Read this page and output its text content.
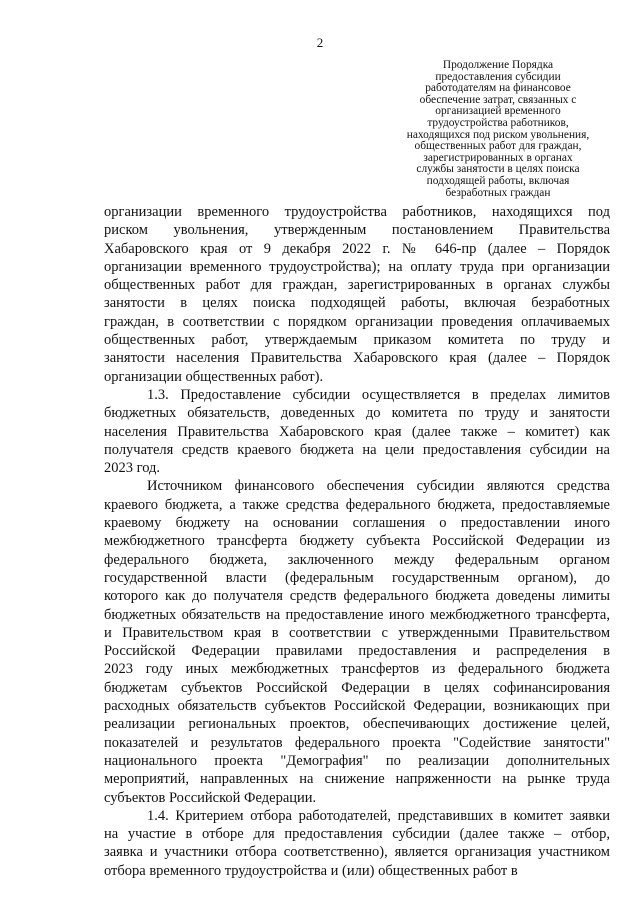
2
Продолжение Порядка
предоставления субсидии
работодателям на финансовое
обеспечение затрат, связанных с
организацией временного
трудоустройства работников,
находящихся под риском увольнения,
общественных работ для граждан,
зарегистрированных в органах
службы занятости в целях поиска
подходящей работы, включая
безработных граждан
организации временного трудоустройства работников, находящихся под
риском увольнения, утвержденным постановлением Правительства
Хабаровского края от 9 декабря 2022 г. № 646-пр (далее – Порядок
организации временного трудоустройства); на оплату труда при организации
общественных работ для граждан, зарегистрированных в органах службы
занятости в целях поиска подходящей работы, включая безработных
граждан, в соответствии с порядком организации проведения оплачиваемых
общественных работ, утверждаемым приказом комитета по труду и
занятости населения Правительства Хабаровского края (далее – Порядок
организации общественных работ).
1.3. Предоставление субсидии осуществляется в пределах лимитов
бюджетных обязательств, доведенных до комитета по труду и занятости
населения Правительства Хабаровского края (далее также – комитет) как
получателя средств краевого бюджета на цели предоставления субсидии на
2023 год.
Источником финансового обеспечения субсидии являются средства
краевого бюджета, а также средства федерального бюджета, предоставляемые
краевому бюджету на основании соглашения о предоставлении иного
межбюджетного трансферта бюджету субъекта Российской Федерации из
федерального бюджета, заключенного между федеральным органом
государственной власти (федеральным государственным органом), до
которого как до получателя средств федерального бюджета доведены лимиты
бюджетных обязательств на предоставление иного межбюджетного трансферта,
и Правительством края в соответствии с утвержденными Правительством
Российской Федерации правилами предоставления и распределения в
2023 году иных межбюджетных трансфертов из федерального бюджета
бюджетам субъектов Российской Федерации в целях софинансирования
расходных обязательств субъектов Российской Федерации, возникающих при
реализации региональных проектов, обеспечивающих достижение целей,
показателей и результатов федерального проекта "Содействие занятости"
национального проекта "Демография" по реализации дополнительных
мероприятий, направленных на снижение напряженности на рынке труда
субъектов Российской Федерации.
1.4. Критерием отбора работодателей, представивших в комитет заявки
на участие в отборе для предоставления субсидии (далее также – отбор,
заявка и участники отбора соответственно), является организация участником
отбора временного трудоустройства и (или) общественных работ в
